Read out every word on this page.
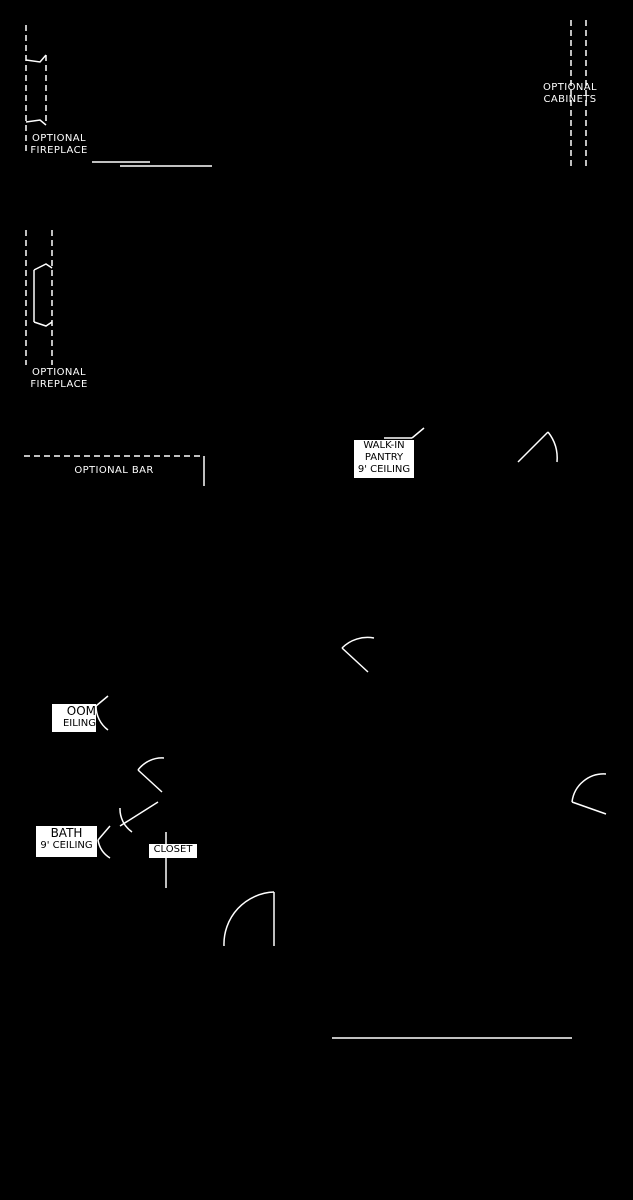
OPTIONAL
FIREPLACE
OPTIONAL
CABINETS
OPTIONAL
FIREPLACE
OPTIONAL BAR
WALK-IN
PANTRY
9' CEILING
OOM
EILING
BATH
9' CEILING	CLOSET
